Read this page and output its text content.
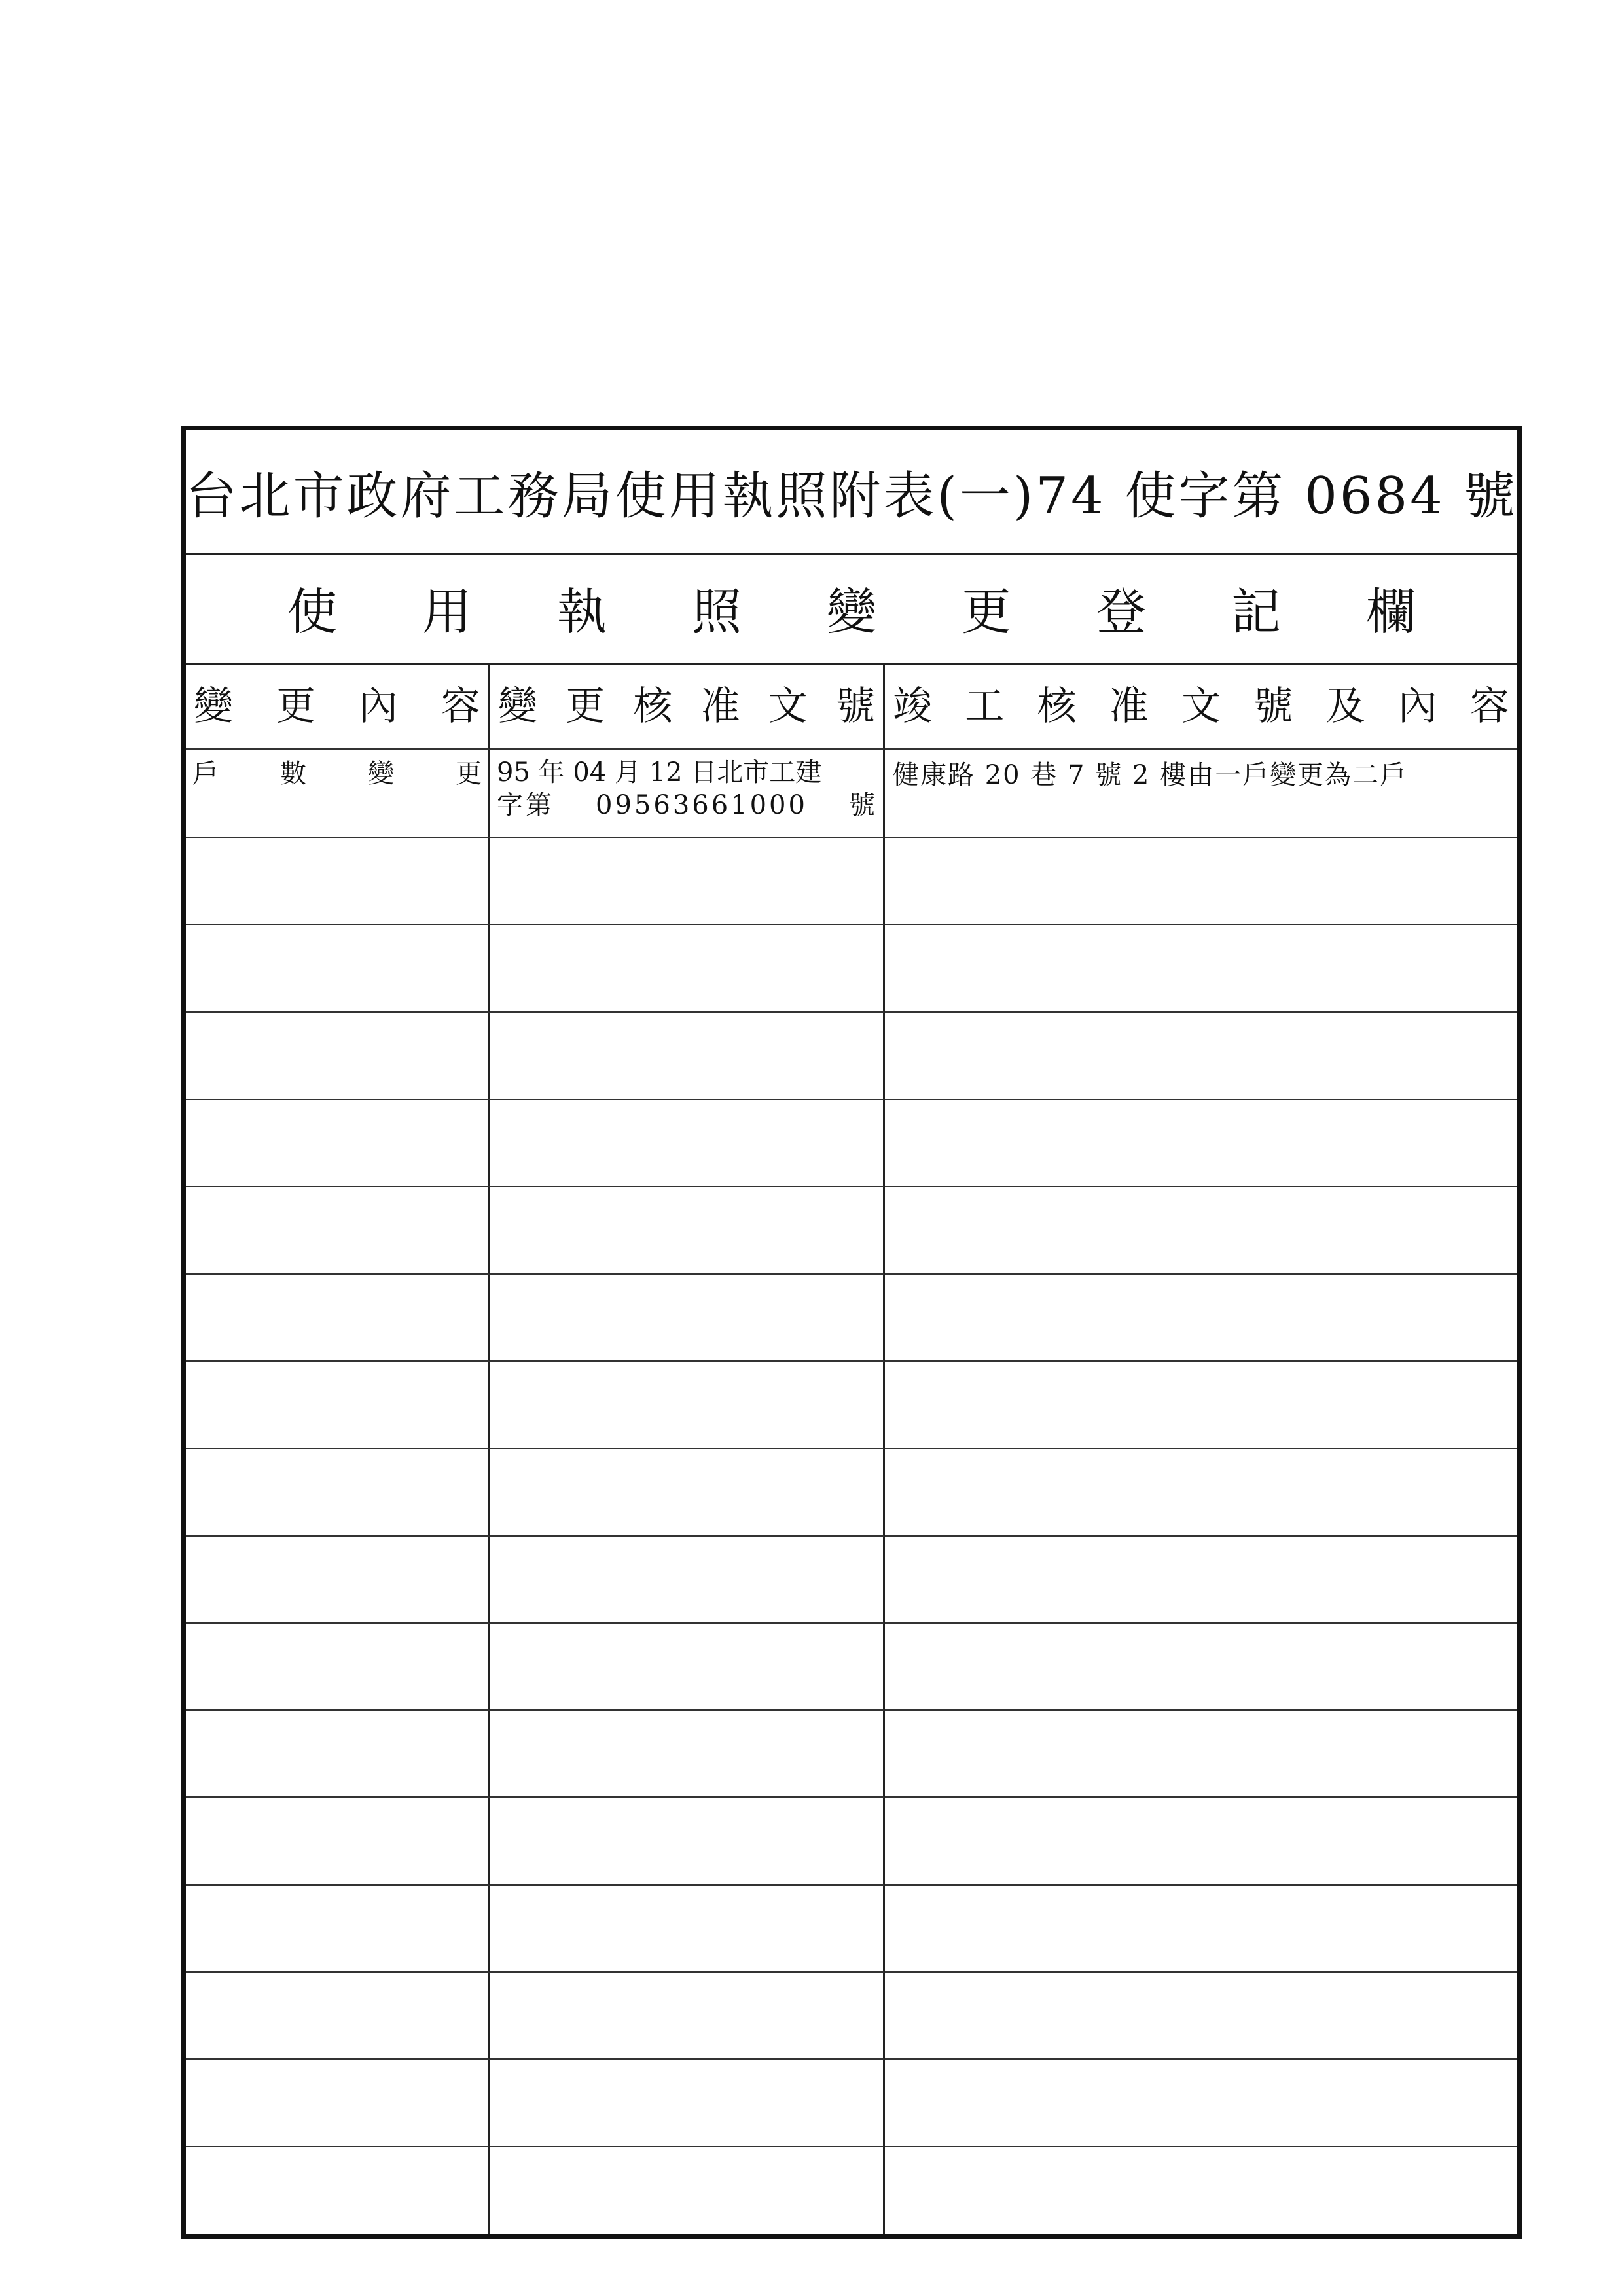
台北市政府工務局使用執照附表(一)74 使字第 0684 號
使 用 執 照 變 更 登 記 欄
變 更 內 容 變 更 核 准 文 號 竣 工 核 准 文 號 及 內 容
戶 數 變 更 95 年 04 月 12 日北市工建
字第 09563661000 號
健康路 20 巷 7 號 2 樓由一戶變更為二戶
